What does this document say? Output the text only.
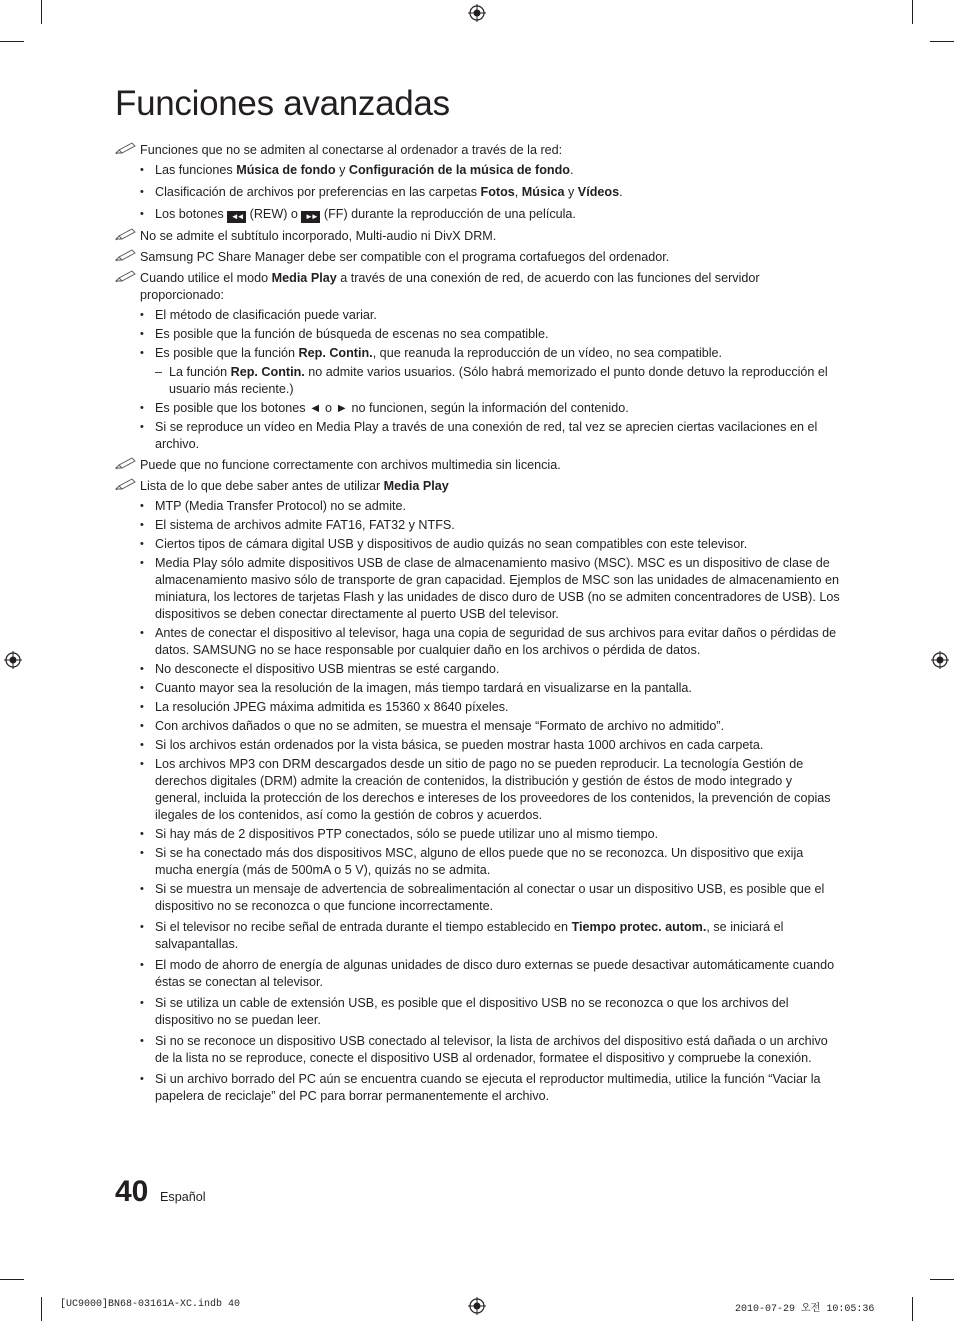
Funciones avanzadas
Funciones que no se admiten al conectarse al ordenador a través de la red:
• Las funciones Música de fondo y Configuración de la música de fondo.
• Clasificación de archivos por preferencias en las carpetas Fotos, Música y Vídeos.
• Los botones ◄◄ (REW) o ►► (FF) durante la reproducción de una película.
No se admite el subtítulo incorporado, Multi-audio ni DivX DRM.
Samsung PC Share Manager debe ser compatible con el programa cortafuegos del ordenador.
Cuando utilice el modo Media Play a través de una conexión de red, de acuerdo con las funciones del servidor proporcionado:
• El método de clasificación puede variar.
• Es posible que la función de búsqueda de escenas no sea compatible.
• Es posible que la función Rep. Contin., que reanuda la reproducción de un vídeo, no sea compatible.
– La función Rep. Contin. no admite varios usuarios. (Sólo habrá memorizado el punto donde detuvo la reproducción el usuario más reciente.)
• Es posible que los botones ◄ o ► no funcionen, según la información del contenido.
• Si se reproduce un vídeo en Media Play a través de una conexión de red, tal vez se aprecien ciertas vacilaciones en el archivo.
Puede que no funcione correctamente con archivos multimedia sin licencia.
Lista de lo que debe saber antes de utilizar Media Play
• MTP (Media Transfer Protocol) no se admite.
• El sistema de archivos admite FAT16, FAT32 y NTFS.
• Ciertos tipos de cámara digital USB y dispositivos de audio quizás no sean compatibles con este televisor.
• Media Play sólo admite dispositivos USB de clase de almacenamiento masivo (MSC). MSC es un dispositivo de clase de almacenamiento masivo sólo de transporte de gran capacidad. Ejemplos de MSC son las unidades de almacenamiento en miniatura, los lectores de tarjetas Flash y las unidades de disco duro de USB (no se admiten concentradores de USB). Los dispositivos se deben conectar directamente al puerto USB del televisor.
• Antes de conectar el dispositivo al televisor, haga una copia de seguridad de sus archivos para evitar daños o pérdidas de datos. SAMSUNG no se hace responsable por cualquier daño en los archivos o pérdida de datos.
• No desconecte el dispositivo USB mientras se esté cargando.
• Cuanto mayor sea la resolución de la imagen, más tiempo tardará en visualizarse en la pantalla.
• La resolución JPEG máxima admitida es 15360 x 8640 píxeles.
• Con archivos dañados o que no se admiten, se muestra el mensaje “Formato de archivo no admitido”.
• Si los archivos están ordenados por la vista básica, se pueden mostrar hasta 1000 archivos en cada carpeta.
• Los archivos MP3 con DRM descargados desde un sitio de pago no se pueden reproducir. La tecnología Gestión de derechos digitales (DRM) admite la creación de contenidos, la distribución y gestión de éstos de modo integrado y general, incluida la protección de los derechos e intereses de los proveedores de los contenidos, la prevención de copias ilegales de los contenidos, así como la gestión de cobros y acuerdos.
• Si hay más de 2 dispositivos PTP conectados, sólo se puede utilizar uno al mismo tiempo.
• Si se ha conectado más dos dispositivos MSC, alguno de ellos puede que no se reconozca. Un dispositivo que exija mucha energía (más de 500mA o 5 V), quizás no se admita.
• Si se muestra un mensaje de advertencia de sobrealimentación al conectar o usar un dispositivo USB, es posible que el dispositivo no se reconozca o que funcione incorrectamente.
• Si el televisor no recibe señal de entrada durante el tiempo establecido en Tiempo protec. autom., se iniciará el salvapantallas.
• El modo de ahorro de energía de algunas unidades de disco duro externas se puede desactivar automáticamente cuando éstas se conectan al televisor.
• Si se utiliza un cable de extensión USB, es posible que el dispositivo USB no se reconozca o que los archivos del dispositivo no se puedan leer.
• Si no se reconoce un dispositivo USB conectado al televisor, la lista de archivos del dispositivo está dañada o un archivo de la lista no se reproduce, conecte el dispositivo USB al ordenador, formatee el dispositivo y compruebe la conexión.
• Si un archivo borrado del PC aún se encuentra cuando se ejecuta el reproductor multimedia, utilice la función “Vaciar la papelera de reciclaje” del PC para borrar permanentemente el archivo.
40 Español
[UC9000]BN68-03161A-XC.indb 40	2010-07-29 오전 10:05:36
